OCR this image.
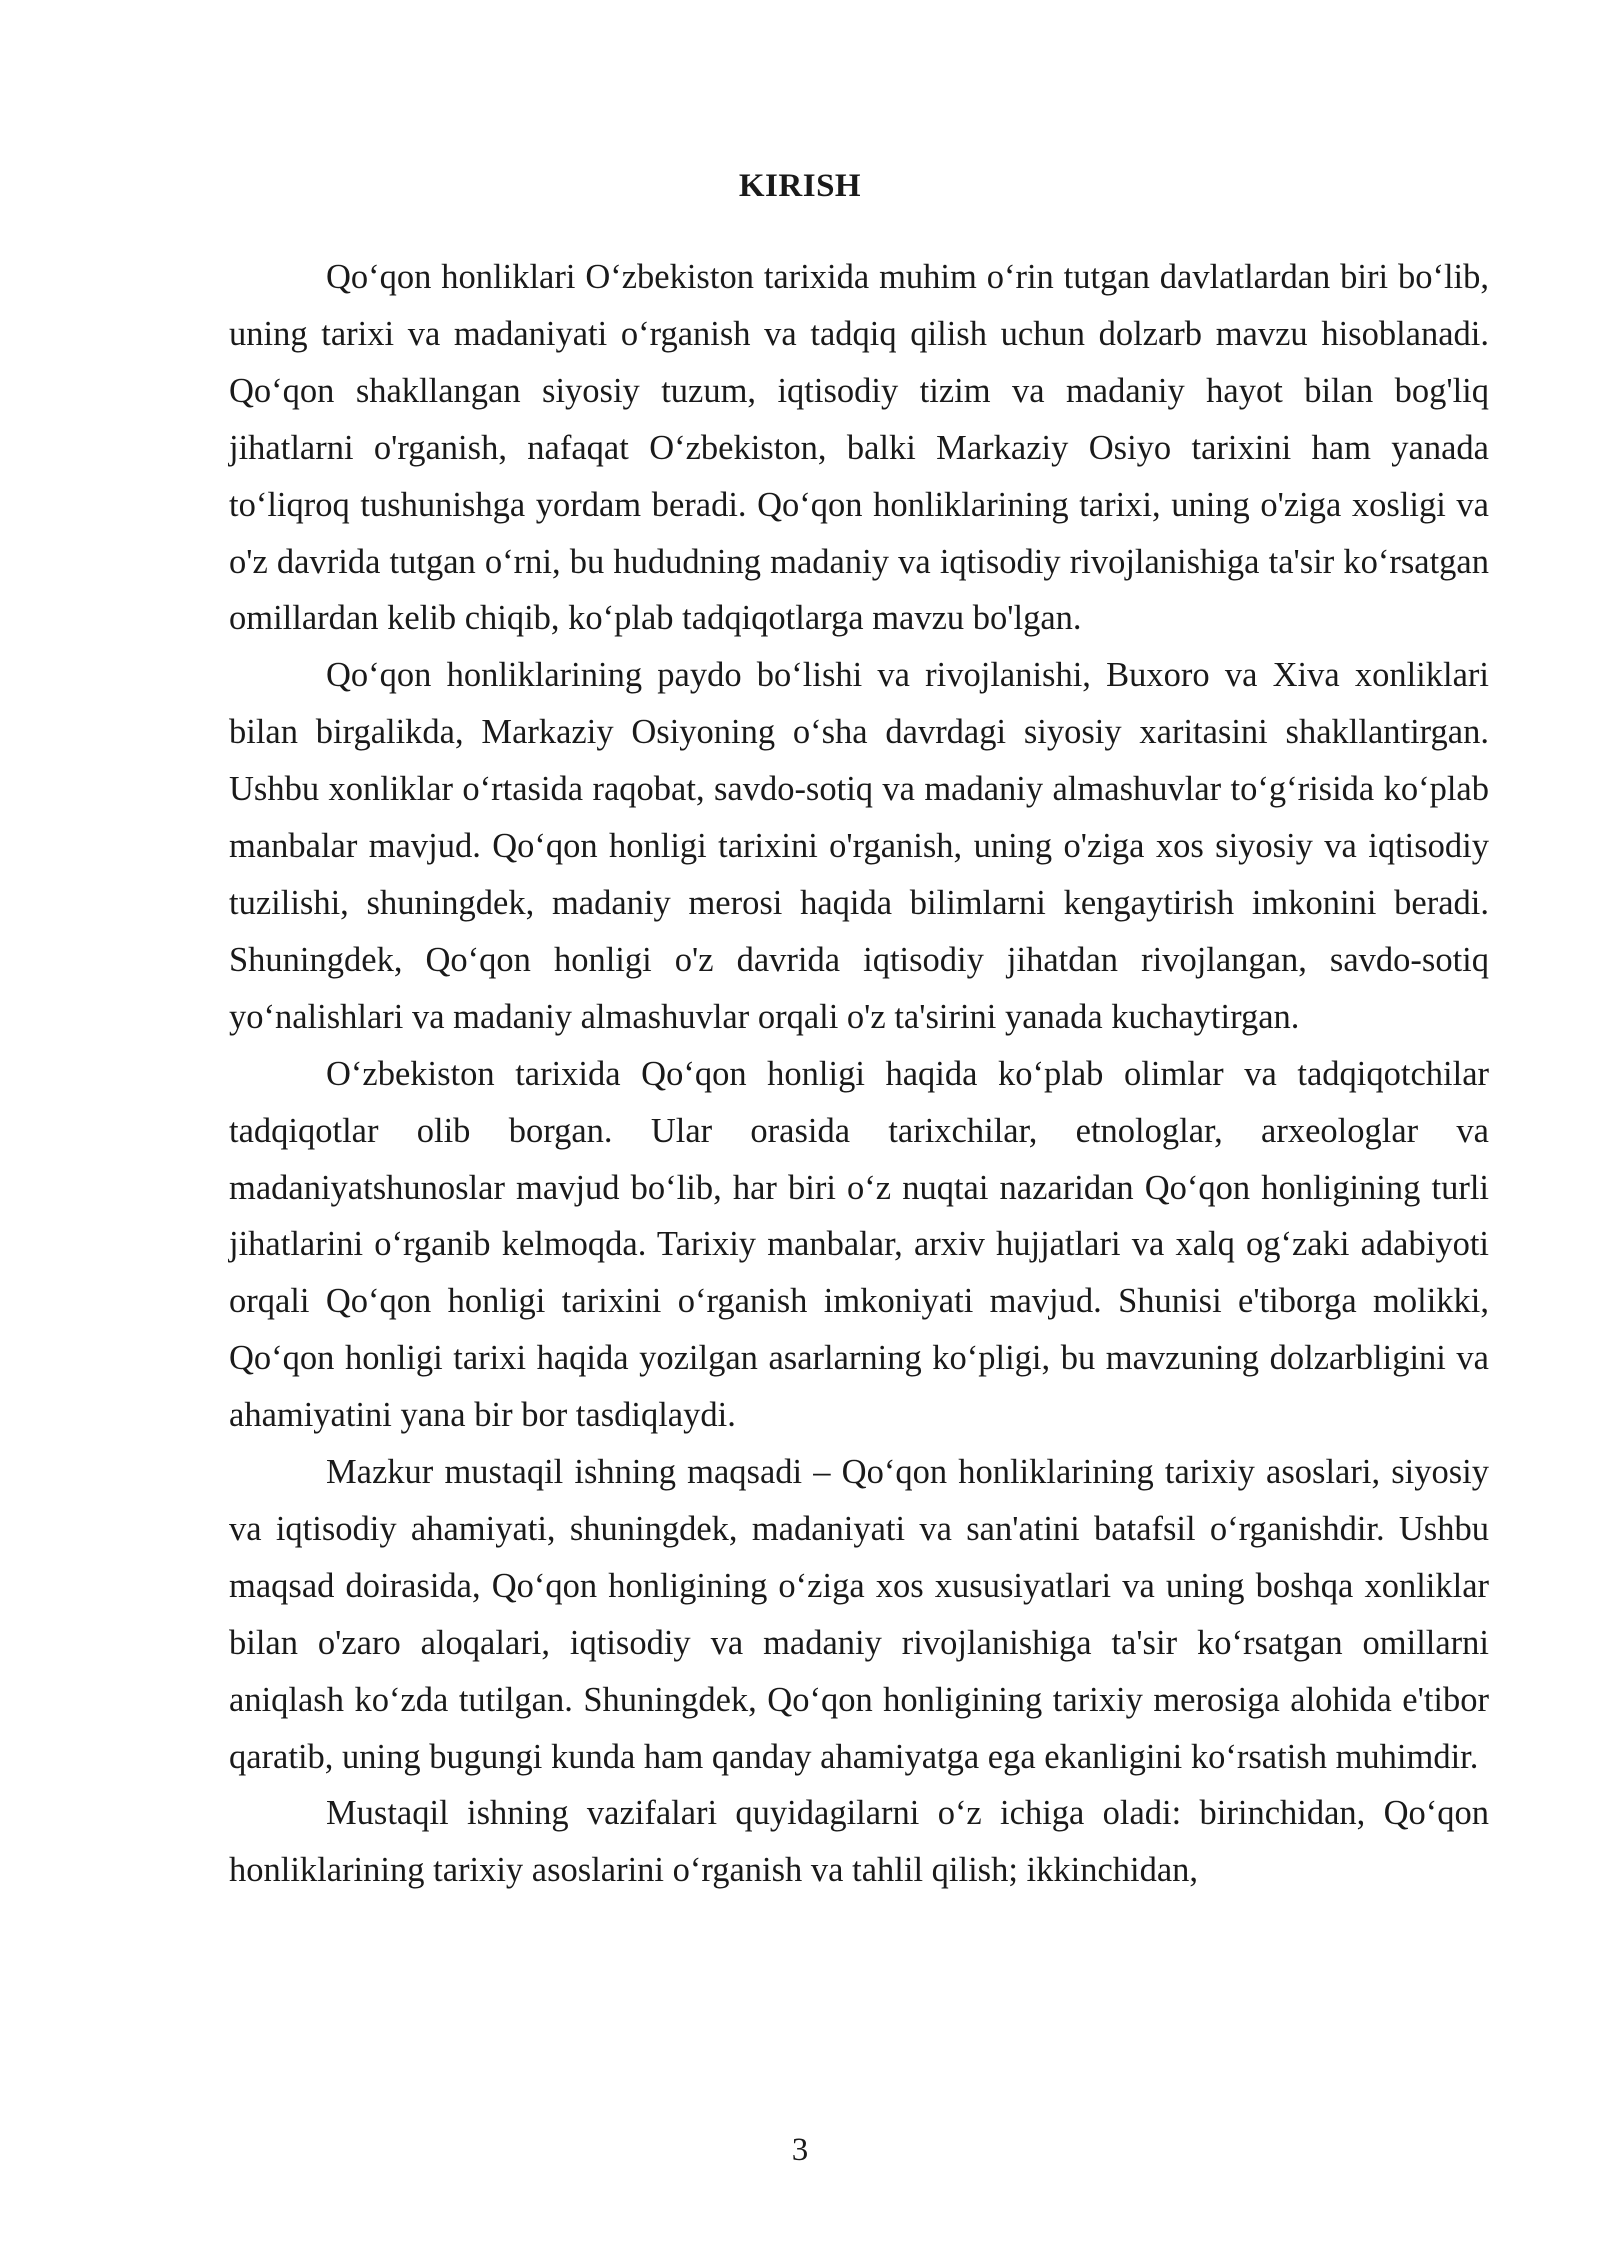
KIRISH

Qo‘qon honliklari O‘zbekiston tarixida muhim o‘rin tutgan davlatlardan biri bo‘lib, uning tarixi va madaniyati o‘rganish va tadqiq qilish uchun dolzarb mavzu hisoblanadi. Qo‘qon shakllangan siyosiy tuzum, iqtisodiy tizim va madaniy hayot bilan bog'liq jihatlarni o'rganish, nafaqat O‘zbekiston, balki Markaziy Osiyo tarixini ham yanada to‘liqroq tushunishga yordam beradi. Qo‘qon honliklarining tarixi, uning o'ziga xosligi va o'z davrida tutgan o‘rni, bu hududning madaniy va iqtisodiy rivojlanishiga ta'sir ko‘rsatgan omillardan kelib chiqib, ko‘plab tadqiqotlarga mavzu bo'lgan.

Qo‘qon honliklarining paydo bo‘lishi va rivojlanishi, Buxoro va Xiva xonliklari bilan birgalikda, Markaziy Osiyoning o‘sha davrdagi siyosiy xaritasini shakllantirgan. Ushbu xonliklar o‘rtasida raqobat, savdo-sotiq va madaniy almashuvlar to‘g‘risida ko‘plab manbalar mavjud. Qo‘qon honligi tarixini o'rganish, uning o'ziga xos siyosiy va iqtisodiy tuzilishi, shuningdek, madaniy merosi haqida bilimlarni kengaytirish imkonini beradi. Shuningdek, Qo‘qon honligi o'z davrida iqtisodiy jihatdan rivojlangan, savdo-sotiq yo‘nalishlari va madaniy almashuvlar orqali o'z ta'sirini yanada kuchaytirgan.

O‘zbekiston tarixida Qo‘qon honligi haqida ko‘plab olimlar va tadqiqotchilar tadqiqotlar olib borgan. Ular orasida tarixchilar, etnologlar, arxeologlar va madaniyatshunoslar mavjud bo‘lib, har biri o‘z nuqtai nazaridan Qo‘qon honligining turli jihatlarini o‘rganib kelmoqda. Tarixiy manbalar, arxiv hujjatlari va xalq og‘zaki adabiyoti orqali Qo‘qon honligi tarixini o‘rganish imkoniyati mavjud. Shunisi e'tiborga molikki, Qo‘qon honligi tarixi haqida yozilgan asarlarning ko‘pligi, bu mavzuning dolzarbligini va ahamiyatini yana bir bor tasdiqlaydi.

Mazkur mustaqil ishning maqsadi – Qo‘qon honliklarining tarixiy asoslari, siyosiy va iqtisodiy ahamiyati, shuningdek, madaniyati va san'atini batafsil o‘rganishdir. Ushbu maqsad doirasida, Qo‘qon honligining o‘ziga xos xususiyatlari va uning boshqa xonliklar bilan o'zaro aloqalari, iqtisodiy va madaniy rivojlanishiga ta'sir ko‘rsatgan omillarni aniqlash ko‘zda tutilgan. Shuningdek, Qo‘qon honligining tarixiy merosiga alohida e'tibor qaratib, uning bugungi kunda ham qanday ahamiyatga ega ekanligini ko‘rsatish muhimdir.

Mustaqil ishning vazifalari quyidagilarni o‘z ichiga oladi: birinchidan, Qo‘qon honliklarining tarixiy asoslarini o‘rganish va tahlil qilish; ikkinchidan,

3
